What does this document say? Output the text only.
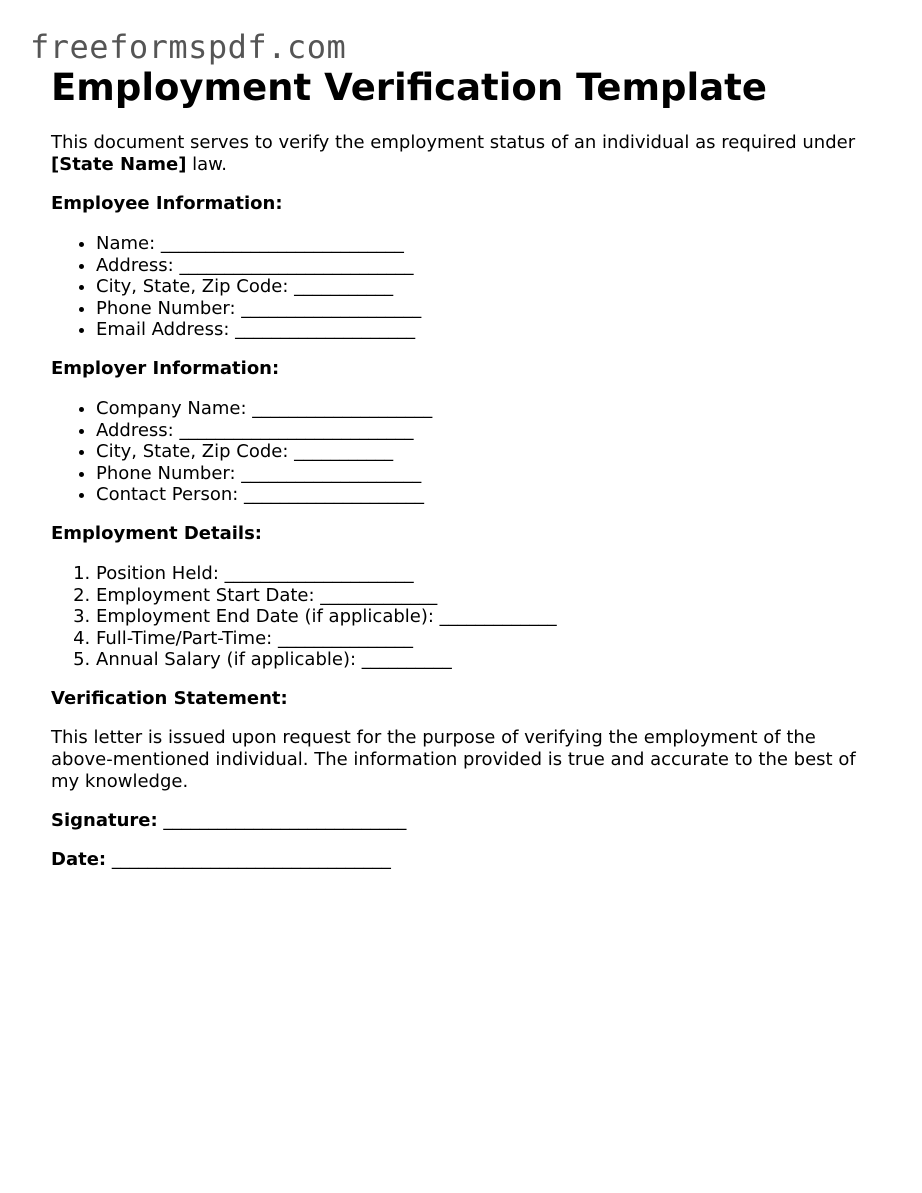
freeformspdf.com
Employment Verification Template

This document serves to verify the employment status of an individual as required under [State Name] law.

Employee Information:

• Name: ___________________________
• Address: __________________________
• City, State, Zip Code: ___________
• Phone Number: ____________________
• Email Address: ____________________

Employer Information:

• Company Name: ____________________
• Address: __________________________
• City, State, Zip Code: ___________
• Phone Number: ____________________
• Contact Person: ____________________

Employment Details:

1. Position Held: _____________________
2. Employment Start Date: _____________
3. Employment End Date (if applicable): _____________
4. Full-Time/Part-Time: _______________
5. Annual Salary (if applicable): __________

Verification Statement:

This letter is issued upon request for the purpose of verifying the employment of the above-mentioned individual. The information provided is true and accurate to the best of my knowledge.

Signature: ___________________________

Date: _______________________________
